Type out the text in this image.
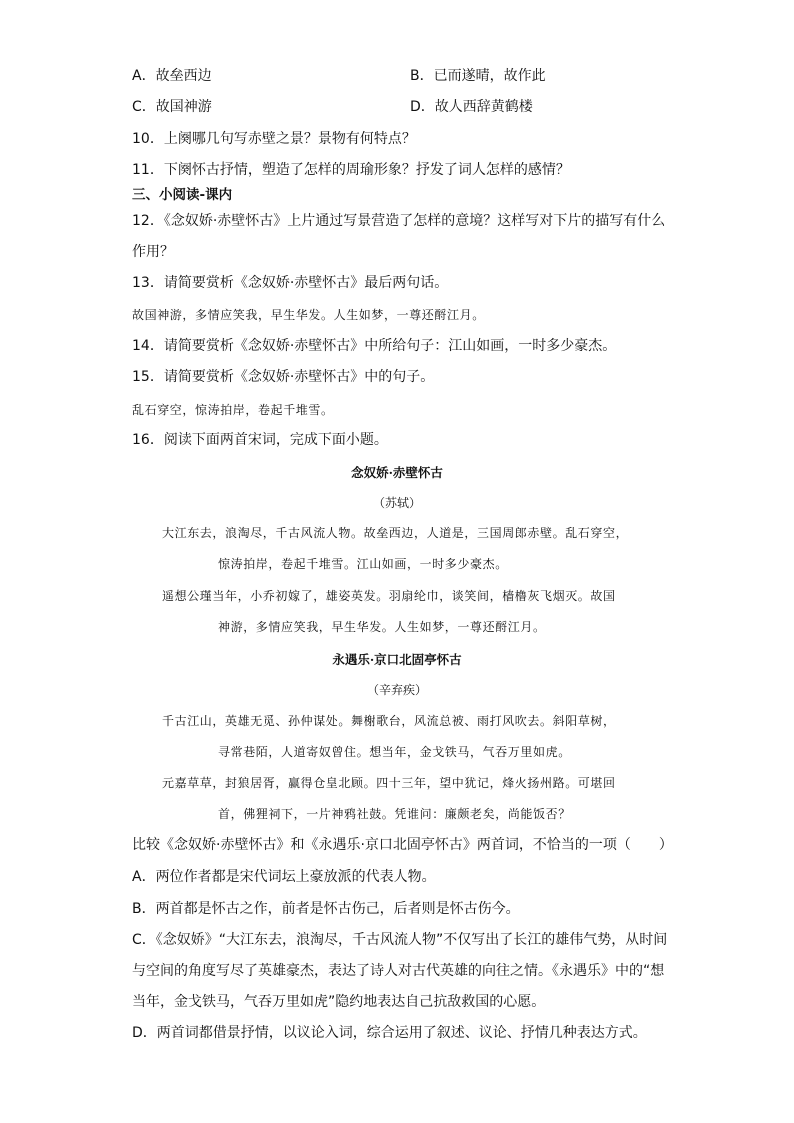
A．故垒西边	B．已而遂晴，故作此
C．故国神游	D．故人西辞黄鹤楼
10．上阕哪几句写赤壁之景？景物有何特点？
11．下阕怀古抒情，塑造了怎样的周瑜形象？抒发了词人怎样的感情？
三、小阅读-课内
12．《念奴娇·赤壁怀古》上片通过写景营造了怎样的意境？这样写对下片的描写有什么
作用？
13．请简要赏析《念奴娇·赤壁怀古》最后两句话。
故国神游，多情应笑我，早生华发。人生如梦，一尊还酹江月。
14．请简要赏析《念奴娇·赤壁怀古》中所给句子：江山如画，一时多少豪杰。
15．请简要赏析《念奴娇·赤壁怀古》中的句子。
乱石穿空，惊涛拍岸，卷起千堆雪。
16．阅读下面两首宋词，完成下面小题。
念奴娇·赤壁怀古
（苏轼）
大江东去，浪淘尽，千古风流人物。故垒西边，人道是，三国周郎赤壁。乱石穿空，
惊涛拍岸，卷起千堆雪。江山如画，一时多少豪杰。
遥想公瑾当年，小乔初嫁了，雄姿英发。羽扇纶巾，谈笑间，樯橹灰飞烟灭。故国
神游，多情应笑我，早生华发。人生如梦，一尊还酹江月。
永遇乐·京口北固亭怀古
（辛弃疾）
千古江山，英雄无觅、孙仲谋处。舞榭歌台，风流总被、雨打风吹去。斜阳草树，
寻常巷陌，人道寄奴曾住。想当年，金戈铁马，气吞万里如虎。
元嘉草草，封狼居胥，赢得仓皇北顾。四十三年，望中犹记，烽火扬州路。可堪回
首，佛狸祠下，一片神鸦社鼓。凭谁问：廉颇老矣，尚能饭否？
比较《念奴娇·赤壁怀古》和《永遇乐·京口北固亭怀古》两首词，不恰当的一项（　　）
A．两位作者都是宋代词坛上豪放派的代表人物。
B．两首都是怀古之作，前者是怀古伤己，后者则是怀古伤今。
C．《念奴娇》“大江东去，浪淘尽，千古风流人物”不仅写出了长江的雄伟气势，从时间
与空间的角度写尽了英雄豪杰，表达了诗人对古代英雄的向往之情。《永遇乐》中的“想
当年，金戈铁马，气吞万里如虎”隐约地表达自己抗敌救国的心愿。
D．两首词都借景抒情，以议论入词，综合运用了叙述、议论、抒情几种表达方式。
